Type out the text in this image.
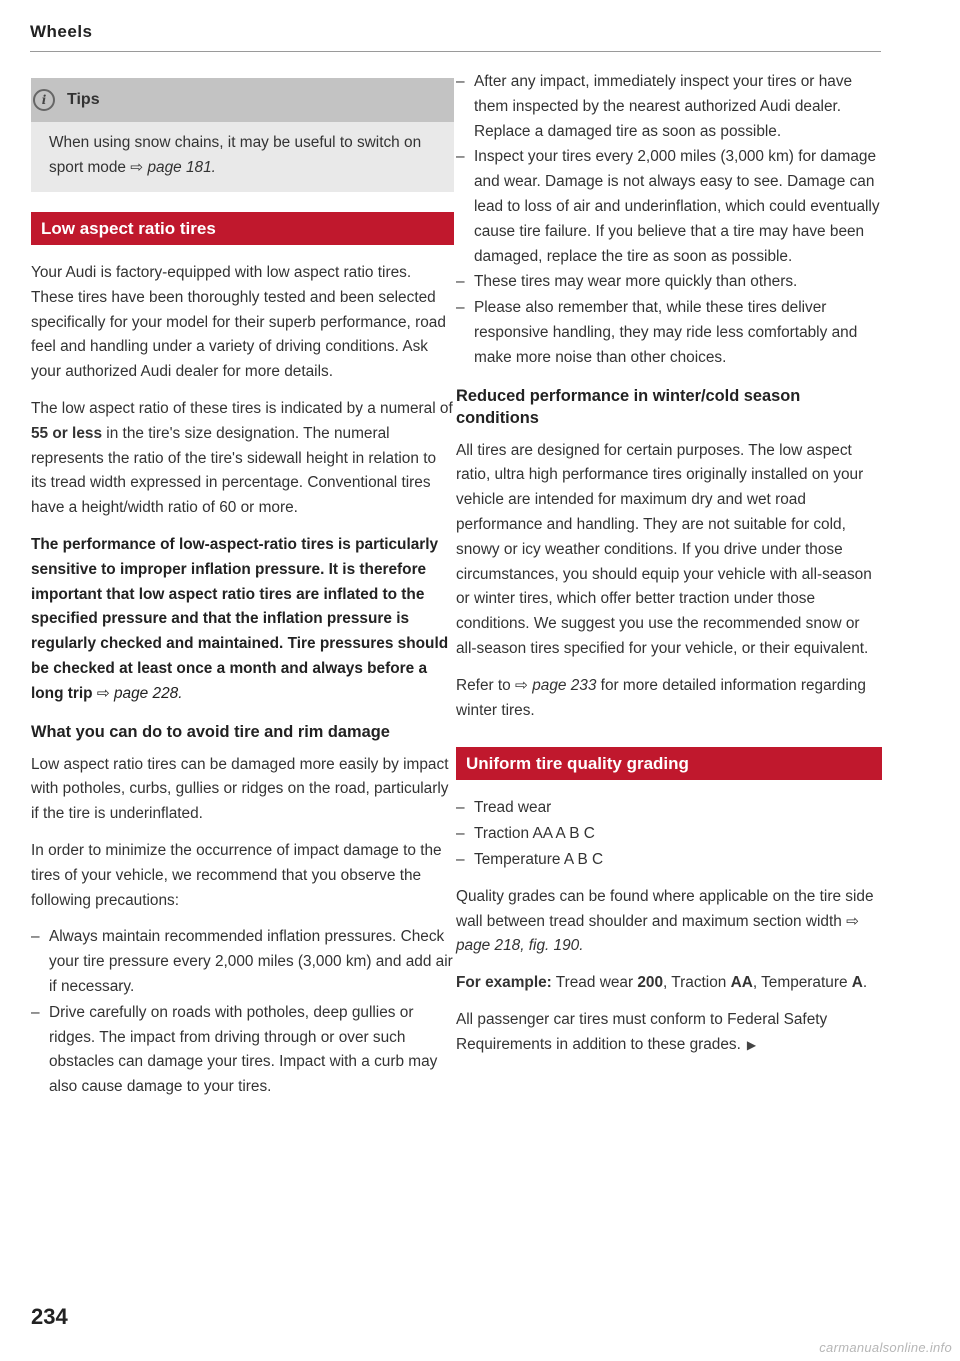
Wheels
i	Tips
When using snow chains, it may be useful to switch on sport mode ⇨ page 181.
Low aspect ratio tires

Your Audi is factory-equipped with low aspect ratio tires. These tires have been thoroughly tested and been selected specifically for your model for their superb performance, road feel and handling under a variety of driving conditions. Ask your authorized Audi dealer for more details.

The low aspect ratio of these tires is indicated by a numeral of 55 or less in the tire's size designation. The numeral represents the ratio of the tire's sidewall height in relation to its tread width expressed in percentage. Conventional tires have a height/width ratio of 60 or more.

The performance of low-aspect-ratio tires is particularly sensitive to improper inflation pressure. It is therefore important that low aspect ratio tires are inflated to the specified pressure and that the inflation pressure is regularly checked and maintained. Tire pressures should be checked at least once a month and always before a long trip ⇨ page 228.

What you can do to avoid tire and rim damage

Low aspect ratio tires can be damaged more easily by impact with potholes, curbs, gullies or ridges on the road, particularly if the tire is underinflated.

In order to minimize the occurrence of impact damage to the tires of your vehicle, we recommend that you observe the following precautions:

– Always maintain recommended inflation pressures. Check your tire pressure every 2,000 miles (3,000 km) and add air if necessary.
– Drive carefully on roads with potholes, deep gullies or ridges. The impact from driving through or over such obstacles can damage your tires. Impact with a curb may also cause damage to your tires.
– After any impact, immediately inspect your tires or have them inspected by the nearest authorized Audi dealer. Replace a damaged tire as soon as possible.
– Inspect your tires every 2,000 miles (3,000 km) for damage and wear. Damage is not always easy to see. Damage can lead to loss of air and underinflation, which could eventually cause tire failure. If you believe that a tire may have been damaged, replace the tire as soon as possible.
– These tires may wear more quickly than others.
– Please also remember that, while these tires deliver responsive handling, they may ride less comfortably and make more noise than other choices.
Reduced performance in winter/cold season conditions

All tires are designed for certain purposes. The low aspect ratio, ultra high performance tires originally installed on your vehicle are intended for maximum dry and wet road performance and handling. They are not suitable for cold, snowy or icy weather conditions. If you drive under those circumstances, you should equip your vehicle with all-season or winter tires, which offer better traction under those conditions. We suggest you use the recommended snow or all-season tires specified for your vehicle, or their equivalent.

Refer to ⇨ page 233 for more detailed information regarding winter tires.

Uniform tire quality grading
– Tread wear
– Traction AA A B C
– Temperature A B C

Quality grades can be found where applicable on the tire side wall between tread shoulder and maximum section width ⇨ page 218, fig. 190.

For example: Tread wear 200, Traction AA, Temperature A.

All passenger car tires must conform to Federal Safety Requirements in addition to these grades. ▶

234
carmanualsonline.info
